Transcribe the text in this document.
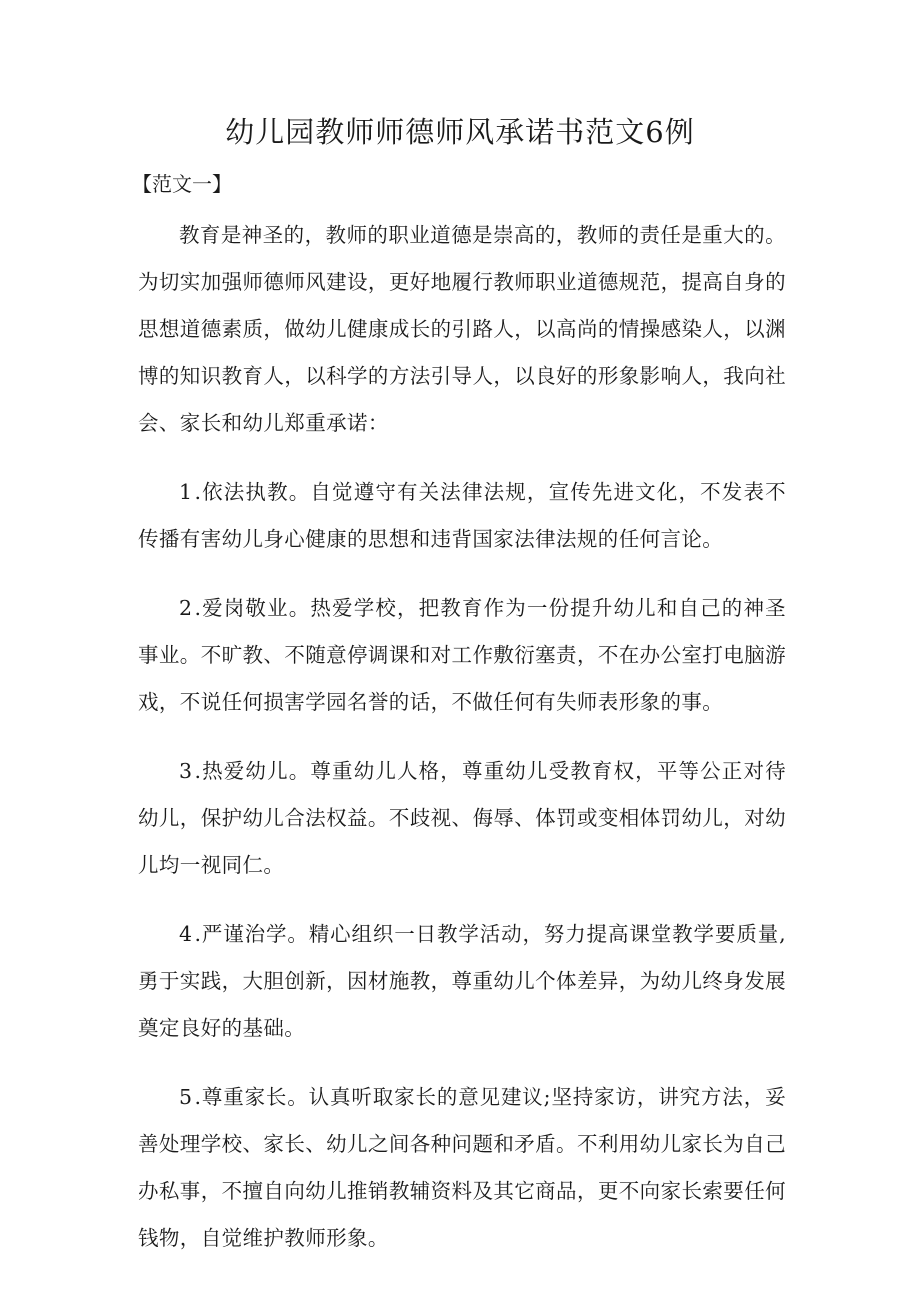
幼儿园教师师德师风承诺书范文6例

【范文一】

教育是神圣的，教师的职业道德是崇高的，教师的责任是重大的。为切实加强师德师风建设，更好地履行教师职业道德规范，提高自身的思想道德素质，做幼儿健康成长的引路人，以高尚的情操感染人，以渊博的知识教育人，以科学的方法引导人，以良好的形象影响人，我向社会、家长和幼儿郑重承诺：

1.依法执教。自觉遵守有关法律法规，宣传先进文化，不发表不传播有害幼儿身心健康的思想和违背国家法律法规的任何言论。

2.爱岗敬业。热爱学校，把教育作为一份提升幼儿和自己的神圣事业。不旷教、不随意停调课和对工作敷衍塞责，不在办公室打电脑游戏，不说任何损害学园名誉的话，不做任何有失师表形象的事。

3.热爱幼儿。尊重幼儿人格，尊重幼儿受教育权，平等公正对待幼儿，保护幼儿合法权益。不歧视、侮辱、体罚或变相体罚幼儿，对幼儿均一视同仁。

4.严谨治学。精心组织一日教学活动，努力提高课堂教学要质量,勇于实践，大胆创新，因材施教，尊重幼儿个体差异，为幼儿终身发展奠定良好的基础。

5.尊重家长。认真听取家长的意见建议;坚持家访，讲究方法，妥善处理学校、家长、幼儿之间各种问题和矛盾。不利用幼儿家长为自己办私事，不擅自向幼儿推销教辅资料及其它商品，更不向家长索要任何钱物，自觉维护教师形象。
